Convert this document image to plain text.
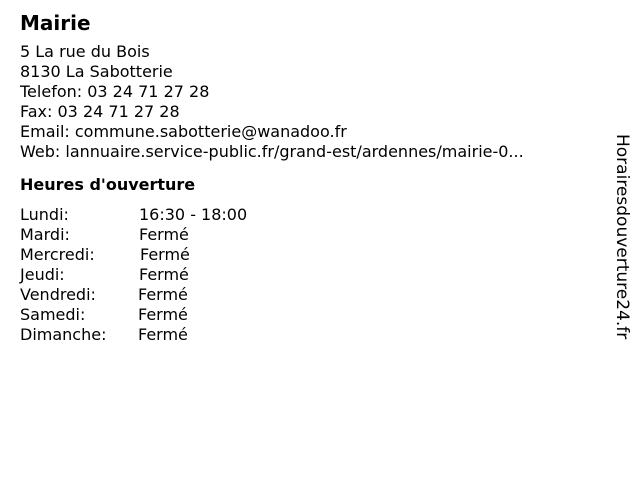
Mairie
5 La rue du Bois
8130 La Sabotterie
Telefon: 03 24 71 27 28
Fax: 03 24 71 27 28
Email: commune.sabotterie@wanadoo.fr
Web: lannuaire.service-public.fr/grand-est/ardennes/mairie-0...
Heures d'ouverture
Lundi:	16:30 - 18:00
Mardi:	Fermé
Mercredi:	Fermé
Jeudi:	Fermé
Vendredi:	Fermé
Samedi:	Fermé
Dimanche: Fermé	Horairesdouverture24.fr
